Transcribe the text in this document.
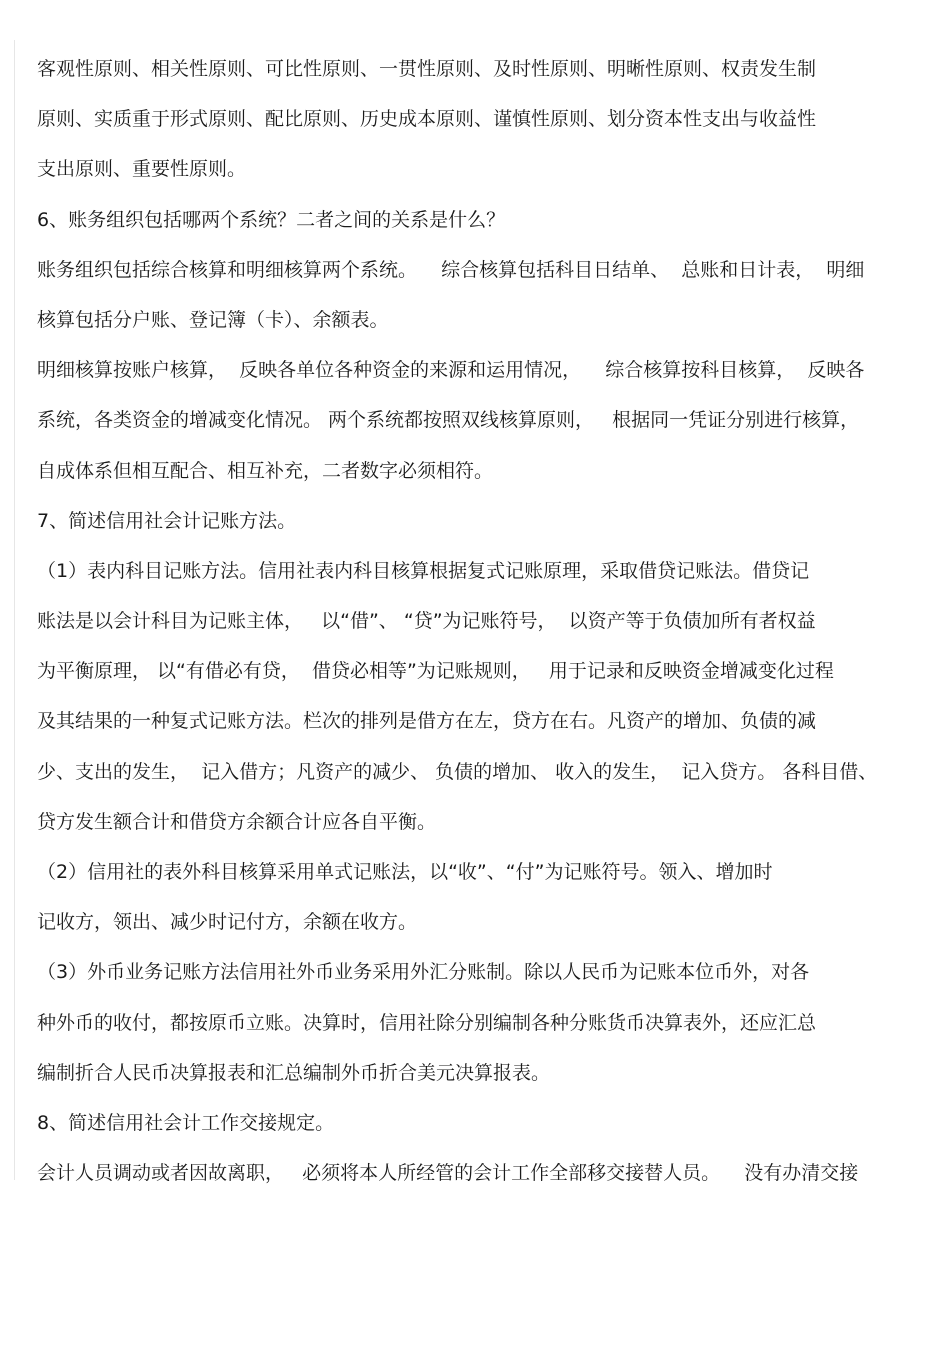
客观性原则、相关性原则、可比性原则、一贯性原则、及时性原则、明晰性原则、权责发生制
原则、实质重于形式原则、配比原则、历史成本原则、谨慎性原则、划分资本性支出与收益性
支出原则、重要性原则。
6、账务组织包括哪两个系统？二者之间的关系是什么？
账务组织包括综合核算和明细核算两个系统。    综合核算包括科目日结单、  总账和日计表，  明细
核算包括分户账、登记簿（卡）、余额表。
明细核算按账户核算，  反映各单位各种资金的来源和运用情况，    综合核算按科目核算，  反映各
系统，各类资金的增减变化情况。 两个系统都按照双线核算原则，   根据同一凭证分别进行核算，
自成体系但相互配合、相互补充，二者数字必须相符。
7、简述信用社会计记账方法。
（1）表内科目记账方法。信用社表内科目核算根据复式记账原理，采取借贷记账法。借贷记
账法是以会计科目为记账主体，   以“借”、 “贷”为记账符号，  以资产等于负债加所有者权益
为平衡原理， 以“有借必有贷，  借贷必相等”为记账规则，   用于记录和反映资金增减变化过程
及其结果的一种复式记账方法。栏次的排列是借方在左，贷方在右。凡资产的增加、负债的减
少、支出的发生，  记入借方；凡资产的减少、 负债的增加、 收入的发生，  记入贷方。 各科目借、
贷方发生额合计和借贷方余额合计应各自平衡。
（2）信用社的表外科目核算采用单式记账法，以“收”、“付”为记账符号。领入、增加时
记收方，领出、减少时记付方，余额在收方。
（3）外币业务记账方法信用社外币业务采用外汇分账制。除以人民币为记账本位币外，对各
种外币的收付，都按原币立账。决算时，信用社除分别编制各种分账货币决算表外，还应汇总
编制折合人民币决算报表和汇总编制外币折合美元决算报表。
8、简述信用社会计工作交接规定。
会计人员调动或者因故离职，   必须将本人所经管的会计工作全部移交接替人员。    没有办清交接
